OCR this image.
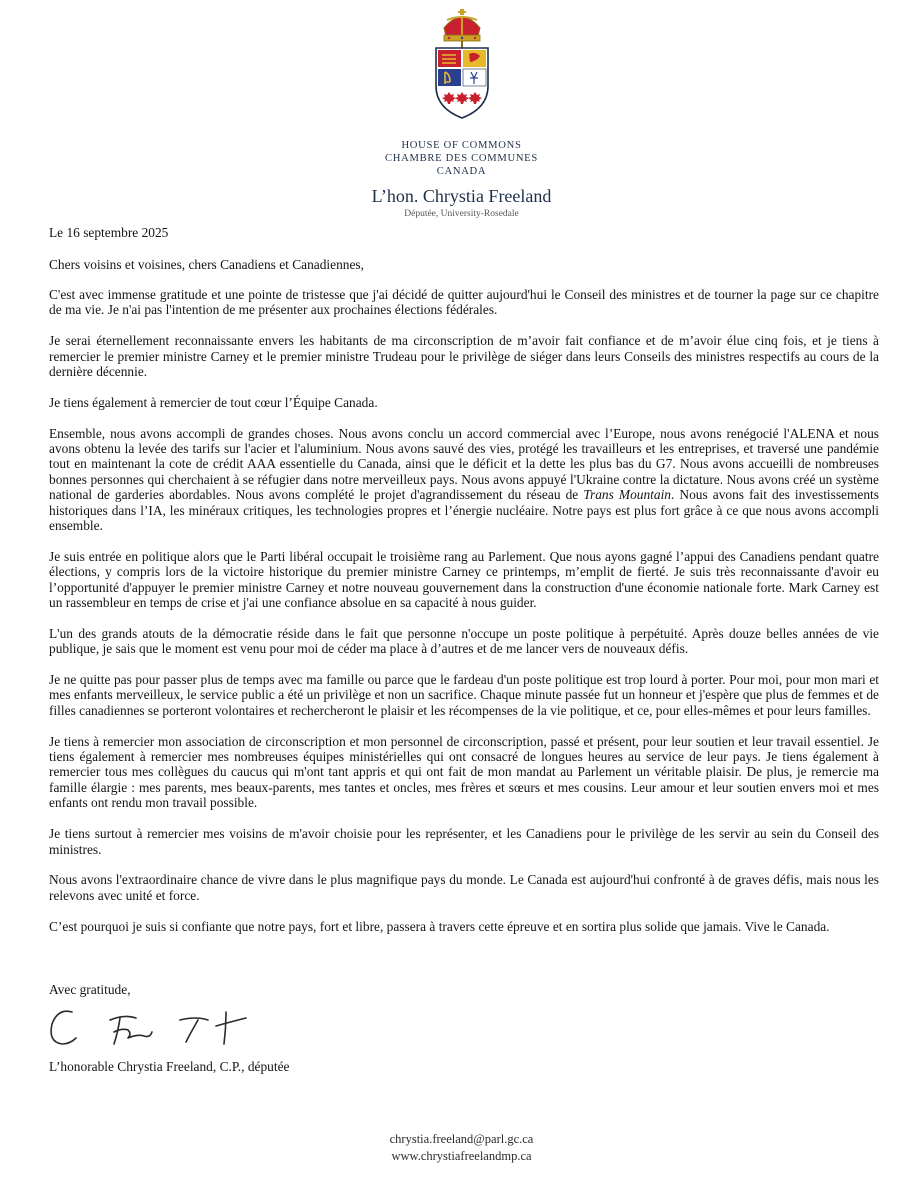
HOUSE OF COMMONS
CHAMBRE DES COMMUNES
CANADA
L’hon. Chrystia Freeland
Députée, University-Rosedale
Le 16 septembre 2025
Chers voisins et voisines, chers Canadiens et Canadiennes,

C'est avec immense gratitude et une pointe de tristesse que j'ai décidé de quitter aujourd'hui le Conseil des ministres et de tourner la page sur ce chapitre de ma vie. Je n'ai pas l'intention de me présenter aux prochaines élections fédérales.

Je serai éternellement reconnaissante envers les habitants de ma circonscription de m’avoir fait confiance et de m’avoir élue cinq fois, et je tiens à remercier le premier ministre Carney et le premier ministre Trudeau pour le privilège de siéger dans leurs Conseils des ministres respectifs au cours de la dernière décennie.

Je tiens également à remercier de tout cœur l’Équipe Canada.

Ensemble, nous avons accompli de grandes choses. Nous avons conclu un accord commercial avec l’Europe, nous avons renégocié l'ALENA et nous avons obtenu la levée des tarifs sur l'acier et l'aluminium. Nous avons sauvé des vies, protégé les travailleurs et les entreprises, et traversé une pandémie tout en maintenant la cote de crédit AAA essentielle du Canada, ainsi que le déficit et la dette les plus bas du G7. Nous avons accueilli de nombreuses bonnes personnes qui cherchaient à se réfugier dans notre merveilleux pays. Nous avons appuyé l'Ukraine contre la dictature. Nous avons créé un système national de garderies abordables. Nous avons complété le projet d'agrandissement du réseau de Trans Mountain. Nous avons fait des investissements historiques dans l’IA, les minéraux critiques, les technologies propres et l’énergie nucléaire. Notre pays est plus fort grâce à ce que nous avons accompli ensemble.

Je suis entrée en politique alors que le Parti libéral occupait le troisième rang au Parlement. Que nous ayons gagné l’appui des Canadiens pendant quatre élections, y compris lors de la victoire historique du premier ministre Carney ce printemps, m’emplit de fierté. Je suis très reconnaissante d'avoir eu l’opportunité d'appuyer le premier ministre Carney et notre nouveau gouvernement dans la construction d'une économie nationale forte. Mark Carney est un rassembleur en temps de crise et j'ai une confiance absolue en sa capacité à nous guider.

L'un des grands atouts de la démocratie réside dans le fait que personne n'occupe un poste politique à perpétuité. Après douze belles années de vie publique, je sais que le moment est venu pour moi de céder ma place à d’autres et de me lancer vers de nouveaux défis.

Je ne quitte pas pour passer plus de temps avec ma famille ou parce que le fardeau d'un poste politique est trop lourd à porter. Pour moi, pour mon mari et mes enfants merveilleux, le service public a été un privilège et non un sacrifice. Chaque minute passée fut un honneur et j'espère que plus de femmes et de filles canadiennes se porteront volontaires et rechercheront le plaisir et les récompenses de la vie politique, et ce, pour elles-mêmes et pour leurs familles.

Je tiens à remercier mon association de circonscription et mon personnel de circonscription, passé et présent, pour leur soutien et leur travail essentiel. Je tiens également à remercier mes nombreuses équipes ministérielles qui ont consacré de longues heures au service de leur pays. Je tiens également à remercier tous mes collègues du caucus qui m'ont tant appris et qui ont fait de mon mandat au Parlement un véritable plaisir. De plus, je remercie ma famille élargie : mes parents, mes beaux-parents, mes tantes et oncles, mes frères et sœurs et mes cousins. Leur amour et leur soutien envers moi et mes enfants ont rendu mon travail possible.

Je tiens surtout à remercier mes voisins de m'avoir choisie pour les représenter, et les Canadiens pour le privilège de les servir au sein du Conseil des ministres.

Nous avons l'extraordinaire chance de vivre dans le plus magnifique pays du monde. Le Canada est aujourd'hui confronté à de graves défis, mais nous les relevons avec unité et force.

C’est pourquoi je suis si confiante que notre pays, fort et libre, passera à travers cette épreuve et en sortira plus solide que jamais. Vive le Canada.

Avec gratitude,
L’honorable Chrystia Freeland, C.P., députée
chrystia.freeland@parl.gc.ca
www.chrystiafreelandmp.ca
